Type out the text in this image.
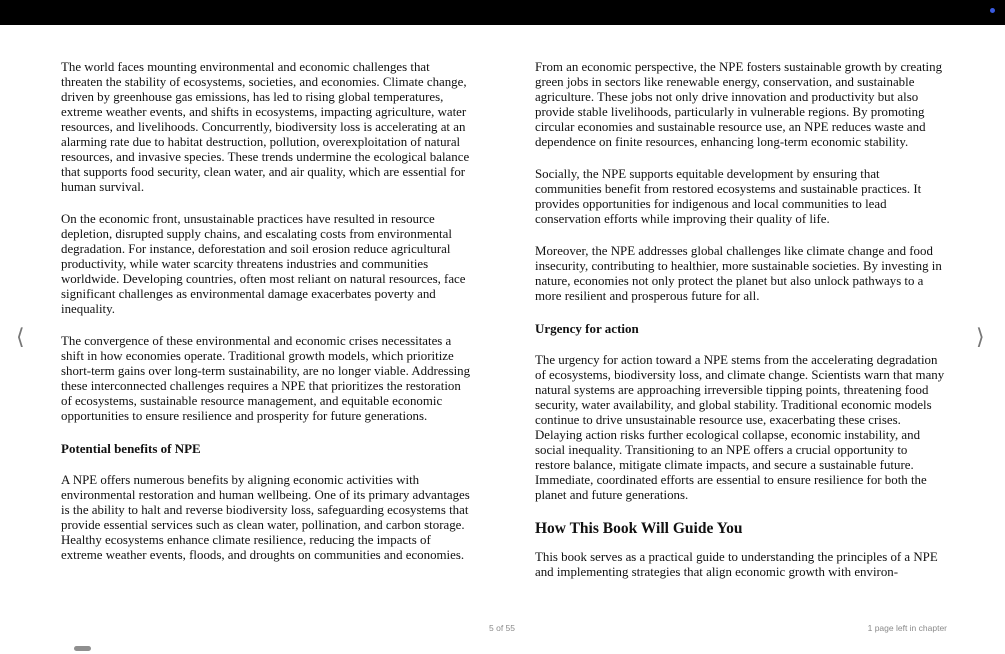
⟨	⟩

The world faces mounting environmental and economic challenges that threaten the stability of ecosystems, societies, and economies. Climate change, driven by greenhouse gas emissions, has led to rising global temperatures, extreme weather events, and shifts in ecosystems, impacting agriculture, water resources, and livelihoods. Concurrently, biodiversity loss is accelerating at an alarming rate due to habitat destruction, pollution, overexploitation of natural resources, and invasive species. These trends undermine the ecological balance that supports food security, clean water, and air quality, which are essential for human survival.

On the economic front, unsustainable practices have resulted in resource depletion, disrupted supply chains, and escalating costs from environmental degradation. For instance, deforestation and soil erosion reduce agricultural productivity, while water scarcity threatens industries and communities worldwide. Developing countries, often most reliant on natural resources, face significant challenges as environmental damage exacerbates poverty and inequality.

The convergence of these environmental and economic crises necessitates a shift in how economies operate. Traditional growth models, which prioritize short-term gains over long-term sustainability, are no longer viable. Addressing these interconnected challenges requires a NPE that prioritizes the restoration of ecosystems, sustainable resource management, and equitable economic opportunities to ensure resilience and prosperity for future generations.

Potential benefits of NPE

A NPE offers numerous benefits by aligning economic activities with environmental restoration and human wellbeing. One of its primary advantages is the ability to halt and reverse biodiversity loss, safeguarding ecosystems that provide essential services such as clean water, pollination, and carbon storage. Healthy ecosystems enhance climate resilience, reducing the impacts of extreme weather events, floods, and droughts on communities and economies.

From an economic perspective, the NPE fosters sustainable growth by creating green jobs in sectors like renewable energy, conservation, and sustainable agriculture. These jobs not only drive innovation and productivity but also provide stable livelihoods, particularly in vulnerable regions. By promoting circular economies and sustainable resource use, an NPE reduces waste and dependence on finite resources, enhancing long-term economic stability.

Socially, the NPE supports equitable development by ensuring that communities benefit from restored ecosystems and sustainable practices. It provides opportunities for indigenous and local communities to lead conservation efforts while improving their quality of life.

Moreover, the NPE addresses global challenges like climate change and food insecurity, contributing to healthier, more sustainable societies. By investing in nature, economies not only protect the planet but also unlock pathways to a more resilient and prosperous future for all.

Urgency for action

The urgency for action toward a NPE stems from the accelerating degradation of ecosystems, biodiversity loss, and climate change. Scientists warn that many natural systems are approaching irreversible tipping points, threatening food security, water availability, and global stability. Traditional economic models continue to drive unsustainable resource use, exacerbating these crises. Delaying action risks further ecological collapse, economic instability, and social inequality. Transitioning to an NPE offers a crucial opportunity to restore balance, mitigate climate impacts, and secure a sustainable future. Immediate, coordinated efforts are essential to ensure resilience for both the planet and future generations.

How This Book Will Guide You

This book serves as a practical guide to understanding the principles of a NPE and implementing strategies that align economic growth with environ-

5 of 55	1 page left in chapter
